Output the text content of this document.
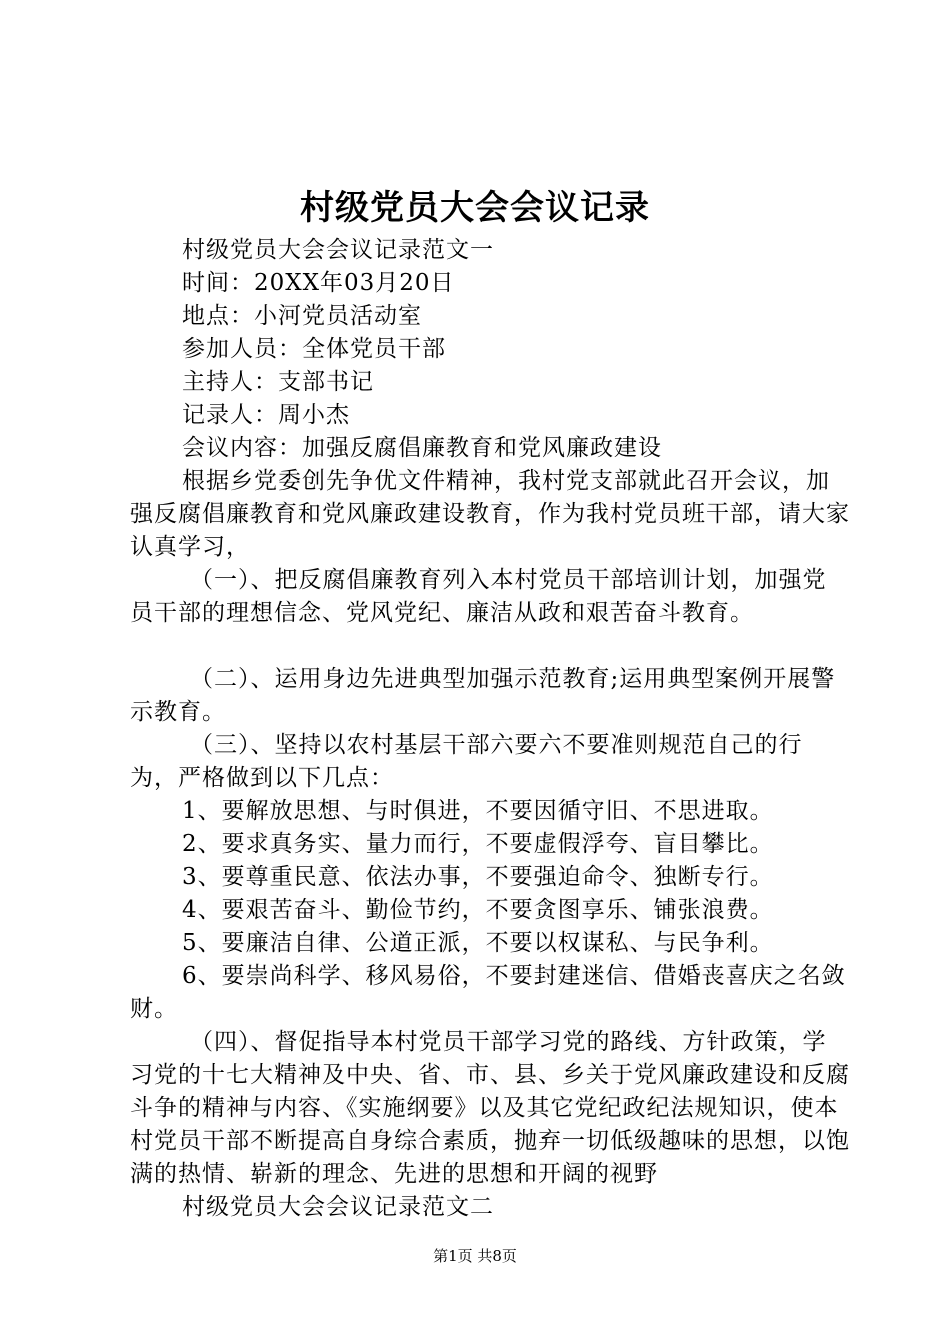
村级党员大会会议记录

村级党员大会会议记录范文一

时间：20XX年03月20日

地点：小河党员活动室

参加人员：全体党员干部

主持人：支部书记

记录人：周小杰

会议内容：加强反腐倡廉教育和党风廉政建设

根据乡党委创先争优文件精神，我村党支部就此召开会议，加强反腐倡廉教育和党风廉政建设教育，作为我村党员班干部，请大家认真学习，

（一）、把反腐倡廉教育列入本村党员干部培训计划，加强党员干部的理想信念、党风党纪、廉洁从政和艰苦奋斗教育。

（二）、运用身边先进典型加强示范教育;运用典型案例开展警示教育。

（三）、坚持以农村基层干部六要六不要准则规范自己的行为，严格做到以下几点：

1、要解放思想、与时俱进，不要因循守旧、不思进取。

2、要求真务实、量力而行，不要虚假浮夸、盲目攀比。

3、要尊重民意、依法办事，不要强迫命令、独断专行。

4、要艰苦奋斗、勤俭节约，不要贪图享乐、铺张浪费。

5、要廉洁自律、公道正派，不要以权谋私、与民争利。

6、要崇尚科学、移风易俗，不要封建迷信、借婚丧喜庆之名敛财。

（四）、督促指导本村党员干部学习党的路线、方针政策，学习党的十七大精神及中央、省、市、县、乡关于党风廉政建设和反腐斗争的精神与内容、《实施纲要》以及其它党纪政纪法规知识，使本村党员干部不断提高自身综合素质，抛弃一切低级趣味的思想，以饱满的热情、崭新的理念、先进的思想和开阔的视野

村级党员大会会议记录范文二

第1页 共8页
